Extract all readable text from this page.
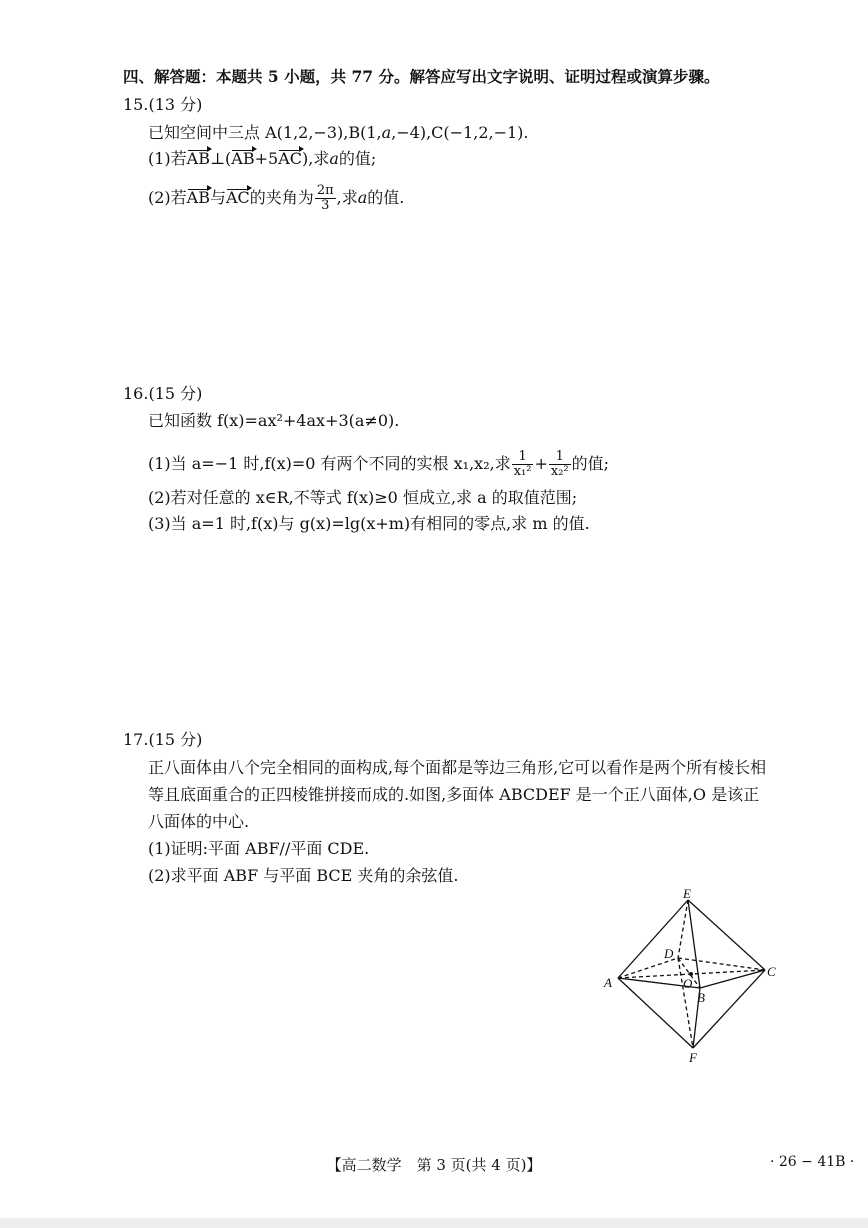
四、解答题：本题共 5 小题，共 77 分。解答应写出文字说明、证明过程或演算步骤。
15.(13 分)
已知空间中三点 A(1,2,−3),B(1,a,−4),C(−1,2,−1).
(1)若AB⊥(AB+5AC),求a的值;
(2)若AB与AC的夹角为 $\frac{2\pi}{3}$ ,求a的值.
16.(15 分)
已知函数 f(x)=ax²+4ax+3(a≠0).
(1)当 a=−1 时,f(x)=0 有两个不同的实根 x₁,x₂,求 $\frac{1}{\text{x₁²}} + \frac{1}{\text{x₂²}}$ 的值;
(2)若对任意的 x∈R,不等式 f(x)≥0 恒成立,求 a 的取值范围;
(3)当 a=1 时,f(x)与 g(x)=lg(x+m)有相同的零点,求 m 的值.
17.(15 分)
正八面体由八个完全相同的面构成,每个面都是等边三角形,它可以看作是两个所有棱长相
等且底面重合的正四棱锥拼接而成的.如图,多面体 ABCDEF 是一个正八面体,O 是该正
八面体的中心.
(1)证明:平面 ABF//平面 CDE.
(2)求平面 ABF 与平面 BCE 夹角的余弦值.
E
D
O
A
C
B
F
【高二数学　第 3 页(共 4 页)】	· 26 − 41B ·
